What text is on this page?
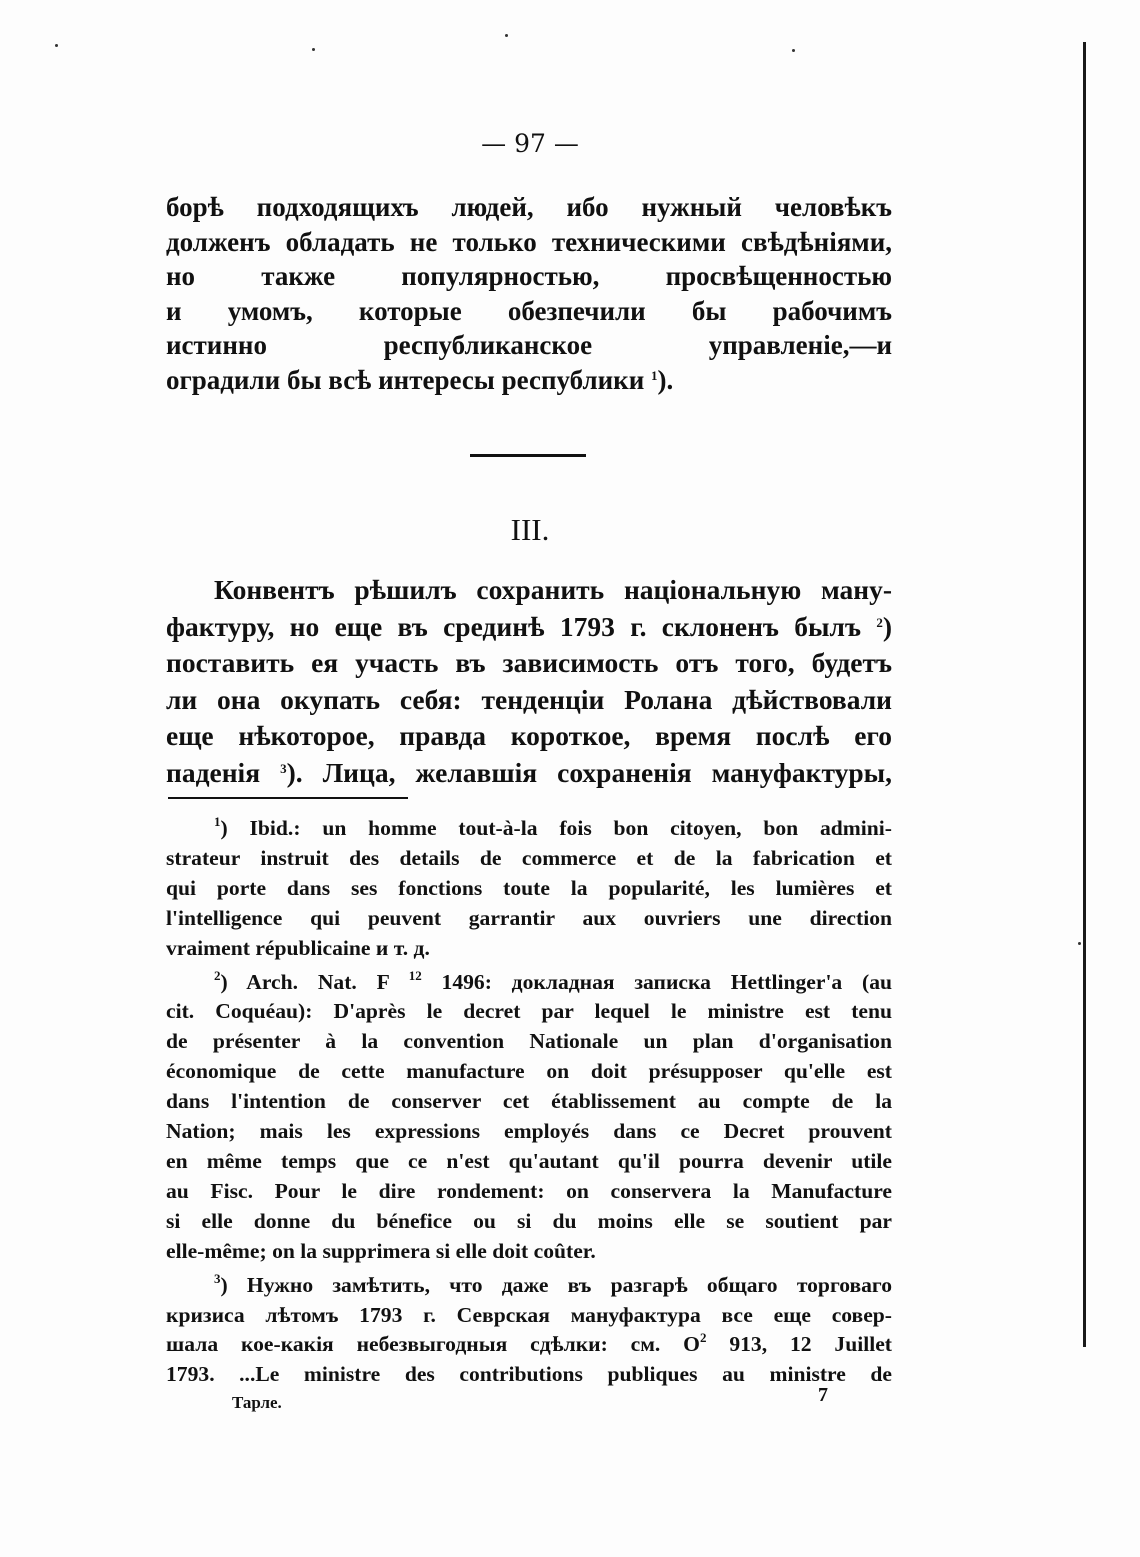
— 97 —
борѣ подходящихъ людей, ибо нужный человѣкъ
долженъ обладать не только техническими свѣдѣніями,
но также популярностью, просвѣщенностью
и умомъ, которые обезпечили бы рабочимъ
истинно республиканское управленіе,—и
оградили бы всѣ интересы республики $^1$).
III.
Конвентъ рѣшилъ сохранить національную ману-
фактуру, но еще въ срединѣ 1793 г. склоненъ былъ $^2$)
поставить ея участь въ зависимость отъ того, будетъ
ли она окупать себя: тенденціи Ролана дѣйствовали
еще нѣкоторое, правда короткое, время послѣ его
паденія $^3$). Лица, желавшія сохраненія мануфактуры,
$^1$) Ibid.: un homme tout-à-la fois bon citoyen, bon admini-
strateur instruit des details de commerce et de la fabrication et
qui porte dans ses fonctions toute la popularité, les lumières et
l'intelligence qui peuvent garrantir aux ouvriers une direction
vraiment républicaine и т. д.
$^2$) Arch. Nat. F $^{12}$ 1496: докладная записка Hettlinger'a (au
cit. Coquéau): D'après le decret par lequel le ministre est tenu
de présenter à la convention Nationale un plan d'organisation
économique de cette manufacture on doit présupposer qu'elle est
dans l'intention de conserver cet établissement au compte de la
Nation; mais les expressions employés dans ce Decret prouvent
en même temps que ce n'est qu'autant qu'il pourra devenir utile
au Fisc. Pour le dire rondement: on conservera la Manufacture
si elle donne du bénefice ou si du moins elle se soutient par
elle-même; on la supprimera si elle doit coûter.
$^3$) Нужно замѣтить, что даже въ разгарѣ общаго торговаго
кризиса лѣтомъ 1793 г. Севрская мануфактура все еще совер-
шала кое-какія небезвыгодныя сдѣлки: см. $O^2$ 913, 12 Juillet
1793. ...Le ministre des contributions publiques au ministre de
Тарле.	7
